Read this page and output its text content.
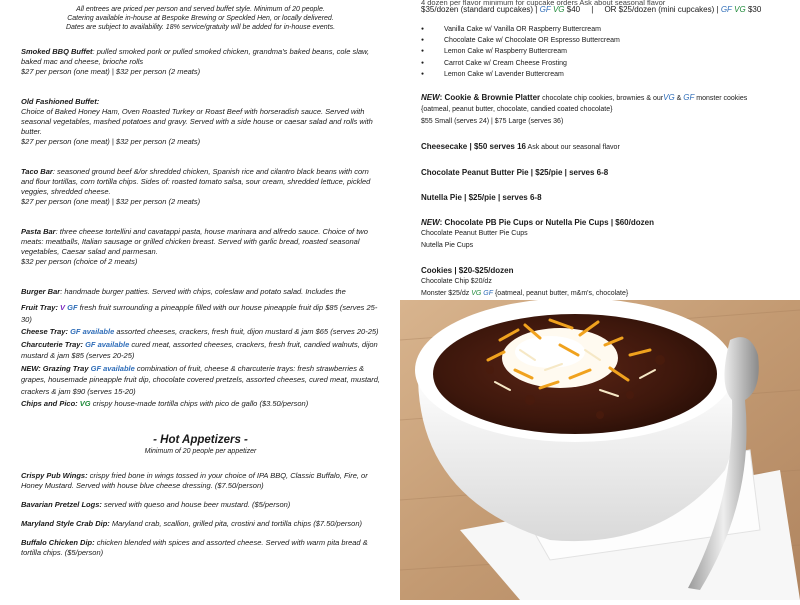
All entrees are priced per person and served buffet style. Minimum of 20 people.
Catering available in-house at Bespoke Brewing or Speckled Hen, or locally delivered.
Dates are subject to availability. 18% service/gratuity will be added for in-house events.
Smoked BBQ Buffet: pulled smoked pork or pulled smoked chicken, grandma's baked beans, cole slaw, baked mac and cheese, brioche rolls
$27 per person (one meat) | $32 per person (2 meats)
Old Fashioned Buffet:
Choice of Baked Honey Ham, Oven Roasted Turkey or Roast Beef with horseradish sauce. Served with seasonal vegetables, mashed potatoes and gravy. Served with a side house or caesar salad and rolls with butter.
$27 per person (one meat) | $32 per person (2 meats)
Taco Bar: seasoned ground beef &/or shredded chicken, Spanish rice and cilantro black beans with corn and flour tortillas, corn tortilla chips. Sides of: roasted tomato salsa, sour cream, shredded lettuce, pickled veggies, shredded cheese.
$27 per person (one meat) | $32 per person (2 meats)
Pasta Bar: three cheese tortellini and cavatappi pasta, house marinara and alfredo sauce. Choice of two meats: meatballs, Italian sausage or grilled chicken breast. Served with garlic bread, roasted seasonal vegetables, Caesar salad and parmesan.
$32 per person (choice of 2 meats)
Burger Bar: handmade burger patties. Served with chips, coleslaw and potato salad. Includes the
4 dozen per flavor minimum for cupcake orders Ask about seasonal flavor
$35/dozen (standard cupcakes) | GF VG $40 | OR $25/dozen (mini cupcakes) | GF VG $30
● Vanilla Cake w/ Vanilla OR Raspberry Buttercream
● Chocolate Cake w/ Chocolate OR Espresso Buttercream
● Lemon Cake w/ Raspberry Buttercream
● Carrot Cake w/ Cream Cheese Frosting
● Lemon Cake w/ Lavender Buttercream
NEW: Cookie & Brownie Platter chocolate chip cookies, brownies & ourVG & GF monster cookies
{oatmeal, peanut butter, chocolate, candied coated chocolate}
$55 Small (serves 24) | $75 Large (serves 36)
Cheesecake | $50 serves 16 Ask about our seasonal flavor
Chocolate Peanut Butter Pie | $25/pie | serves 6-8
Nutella Pie | $25/pie | serves 6-8
NEW: Chocolate PB Pie Cups or Nutella Pie Cups | $60/dozen
Chocolate Peanut Butter Pie Cups
Nutella Pie Cups
Cookies | $20-$25/dozen
Chocolate Chip $20/dz
Monster $25/dz VG GF {oatmeal, peanut butter, m&m's, chocolate}
Fruit Tray: V GF fresh fruit surrounding a pineapple filled with our house pineapple fruit dip $85 (serves 25-30)
Cheese Tray: GF available assorted cheeses, crackers, fresh fruit, dijon mustard & jam $65 (serves 20-25)
Charcuterie Tray: GF available cured meat, assorted cheeses, crackers, fresh fruit, candied walnuts, dijon mustard & jam $85 (serves 20-25)
NEW: Grazing Tray GF available combination of fruit, cheese & charcuterie trays: fresh strawberries & grapes, housemade pineapple fruit dip, chocolate covered pretzels, assorted cheeses, cured meat, mustard, crackers & jam $90 (serves 15-20)
Chips and Pico: VG crispy house-made tortilla chips with pico de gallo ($3.50/person)
- Hot Appetizers -
Minimum of 20 people per appetizer
Crispy Pub Wings: crispy fried bone in wings tossed in your choice of IPA BBQ, Classic Buffalo, Fire, or Honey Mustard. Served with house blue cheese dressing. ($7.50/person)
Bavarian Pretzel Logs: served with queso and house beer mustard. ($5/person)
Maryland Style Crab Dip: Maryland crab, scallion, grilled pita, crostini and tortilla chips ($7.50/person)
Buffalo Chicken Dip: chicken blended with spices and assorted cheese. Served with warm pita bread & tortilla chips. ($5/person)
